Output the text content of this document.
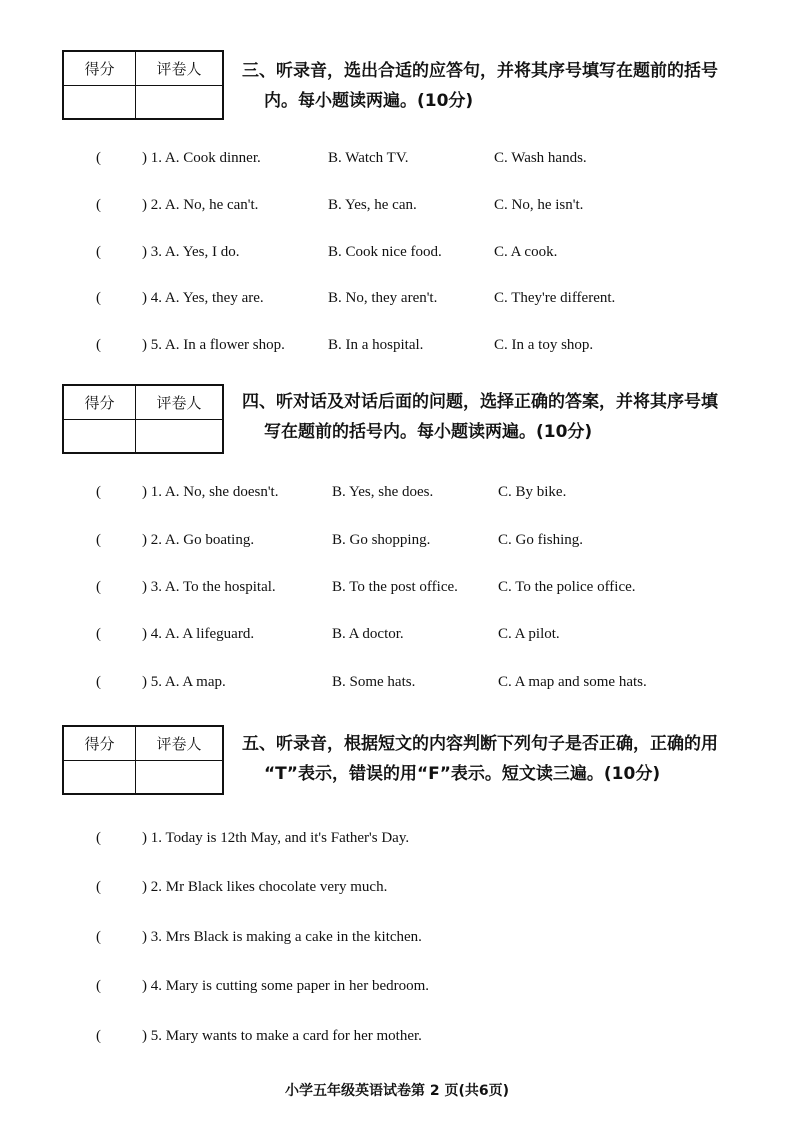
得分	评卷人	三、听录音，选出合适的应答句，并将其序号填写在题前的括号
内。每小题读两遍。(10分)
(	) 1. A. Cook dinner.	B. Watch TV.	C. Wash hands.
(	) 2. A. No, he can't.	B. Yes, he can.	C. No, he isn't.
(	) 3. A. Yes, I do.	B. Cook nice food.	C. A cook.
(	) 4. A. Yes, they are.	B. No, they aren't.	C. They're different.
(	) 5. A. In a flower shop.	B. In a hospital.	C. In a toy shop.
得分	评卷人	四、听对话及对话后面的问题，选择正确的答案，并将其序号填
写在题前的括号内。每小题读两遍。(10分)
(	) 1. A. No, she doesn't.	B. Yes, she does.	C. By bike.
(	) 2. A. Go boating.	B. Go shopping.	C. Go fishing.
(	) 3. A. To the hospital.	B. To the post office.	C. To the police office.
(	) 4. A. A lifeguard.	B. A doctor.	C. A pilot.
(	) 5. A. A map.	B. Some hats.	C. A map and some hats.
得分	评卷人	五、听录音，根据短文的内容判断下列句子是否正确，正确的用
“T”表示，错误的用“F”表示。短文读三遍。(10分)
(	) 1. Today is 12th May, and it's Father's Day.
(	) 2. Mr Black likes chocolate very much.
(	) 3. Mrs Black is making a cake in the kitchen.
(	) 4. Mary is cutting some paper in her bedroom.
(	) 5. Mary wants to make a card for her mother.
小学五年级英语试卷第 2 页(共6页)
